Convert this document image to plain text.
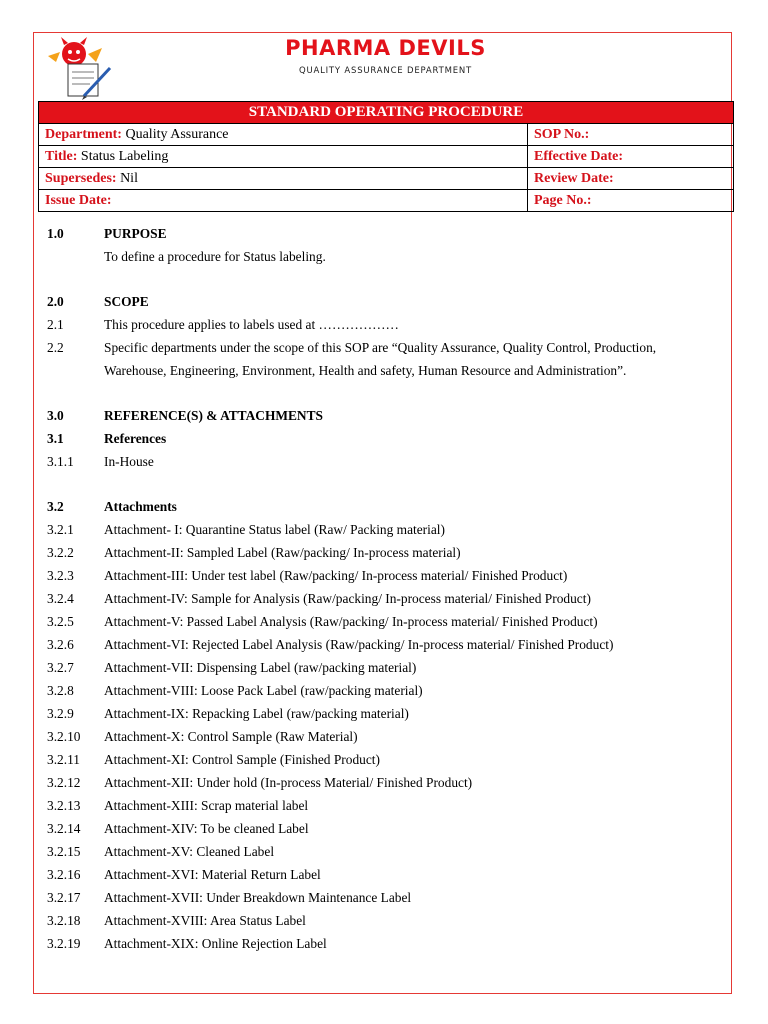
PHARMA DEVILS
QUALITY ASSURANCE DEPARTMENT
STANDARD OPERATING PROCEDURE	
Department: Quality Assurance	SOP No.:
Title: Status Labeling	Effective Date:
Supersedes: Nil	Review Date:
Issue Date:	Page No.:
1.0	PURPOSE
To define a procedure for Status labeling.
2.0	SCOPE
2.1	This procedure applies to labels used at ………………
2.2	Specific departments under the scope of this SOP are “Quality Assurance, Quality Control, Production,
Warehouse, Engineering, Environment, Health and safety, Human Resource and Administration”.
3.0	REFERENCE(S) & ATTACHMENTS
3.1	References
3.1.1 In-House
3.2	Attachments
3.2.1 Attachment- I: Quarantine Status label (Raw/ Packing material)
3.2.2 Attachment-II: Sampled Label (Raw/packing/ In-process material)
3.2.3 Attachment-III: Under test label (Raw/packing/ In-process material/ Finished Product)
3.2.4 Attachment-IV: Sample for Analysis (Raw/packing/ In-process material/ Finished Product)
3.2.5 Attachment-V: Passed Label Analysis (Raw/packing/ In-process material/ Finished Product)
3.2.6 Attachment-VI: Rejected Label Analysis (Raw/packing/ In-process material/ Finished Product)
3.2.7 Attachment-VII: Dispensing Label (raw/packing material)
3.2.8 Attachment-VIII: Loose Pack Label (raw/packing material)
3.2.9 Attachment-IX: Repacking Label (raw/packing material)
3.2.10 Attachment-X: Control Sample (Raw Material)
3.2.11 Attachment-XI: Control Sample (Finished Product)
3.2.12 Attachment-XII: Under hold (In-process Material/ Finished Product)
3.2.13 Attachment-XIII: Scrap material label
3.2.14 Attachment-XIV: To be cleaned Label
3.2.15 Attachment-XV: Cleaned Label
3.2.16 Attachment-XVI: Material Return Label
3.2.17 Attachment-XVII: Under Breakdown Maintenance Label
3.2.18 Attachment-XVIII: Area Status Label
3.2.19 Attachment-XIX: Online Rejection Label
